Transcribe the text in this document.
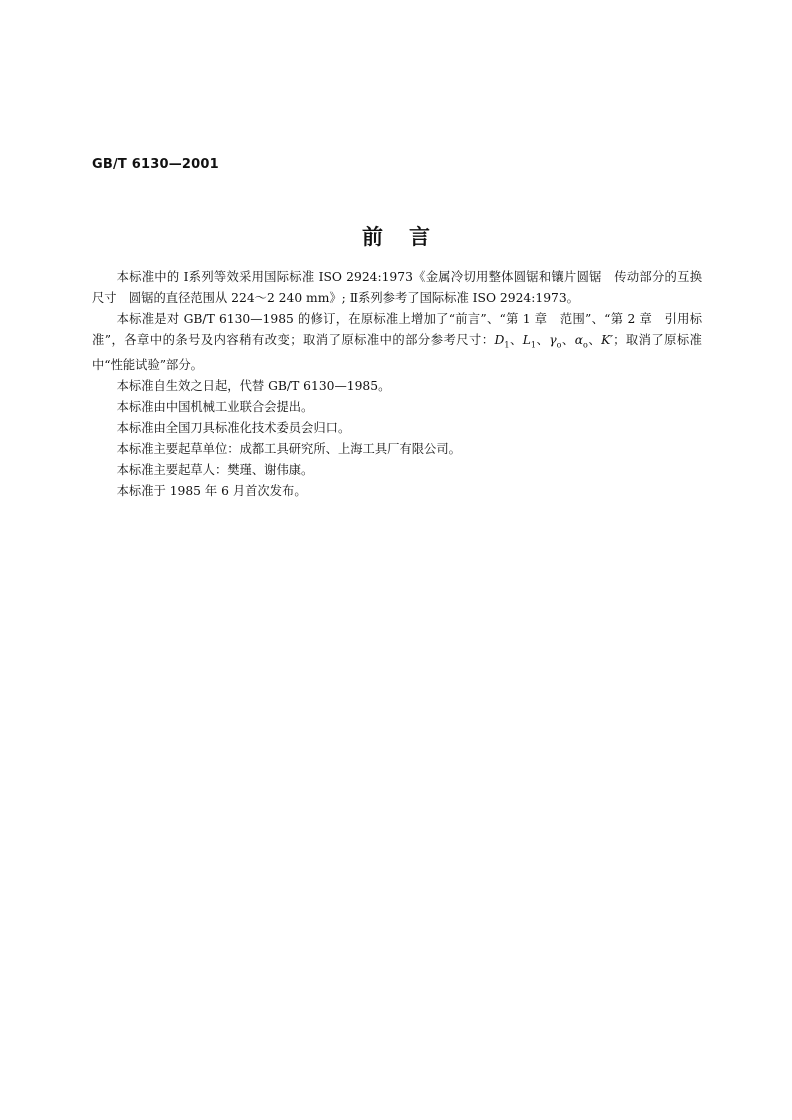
GB/T 6130—2001
前言

本标准中的 Ⅰ系列等效采用国际标准 ISO 2924:1973《金属冷切用整体圆锯和镶片圆锯　传动部分的互换尺寸　圆锯的直径范围从 224～2 240 mm》; Ⅱ系列参考了国际标准 ISO 2924:1973。

本标准是对 GB/T 6130—1985 的修订，在原标准上增加了“前言”、“第 1 章　范围”、“第 2 章　引用标准”，各章中的条号及内容稍有改变；取消了原标准中的部分参考尺寸：$D_1$、$L_1$、$\gamma_o$、$\alpha_o$、K′；取消了原标准中“性能试验”部分。

本标准自生效之日起，代替 GB/T 6130—1985。

本标准由中国机械工业联合会提出。

本标准由全国刀具标准化技术委员会归口。

本标准主要起草单位：成都工具研究所、上海工具厂有限公司。

本标准主要起草人：樊瑾、谢伟康。

本标准于 1985 年 6 月首次发布。
